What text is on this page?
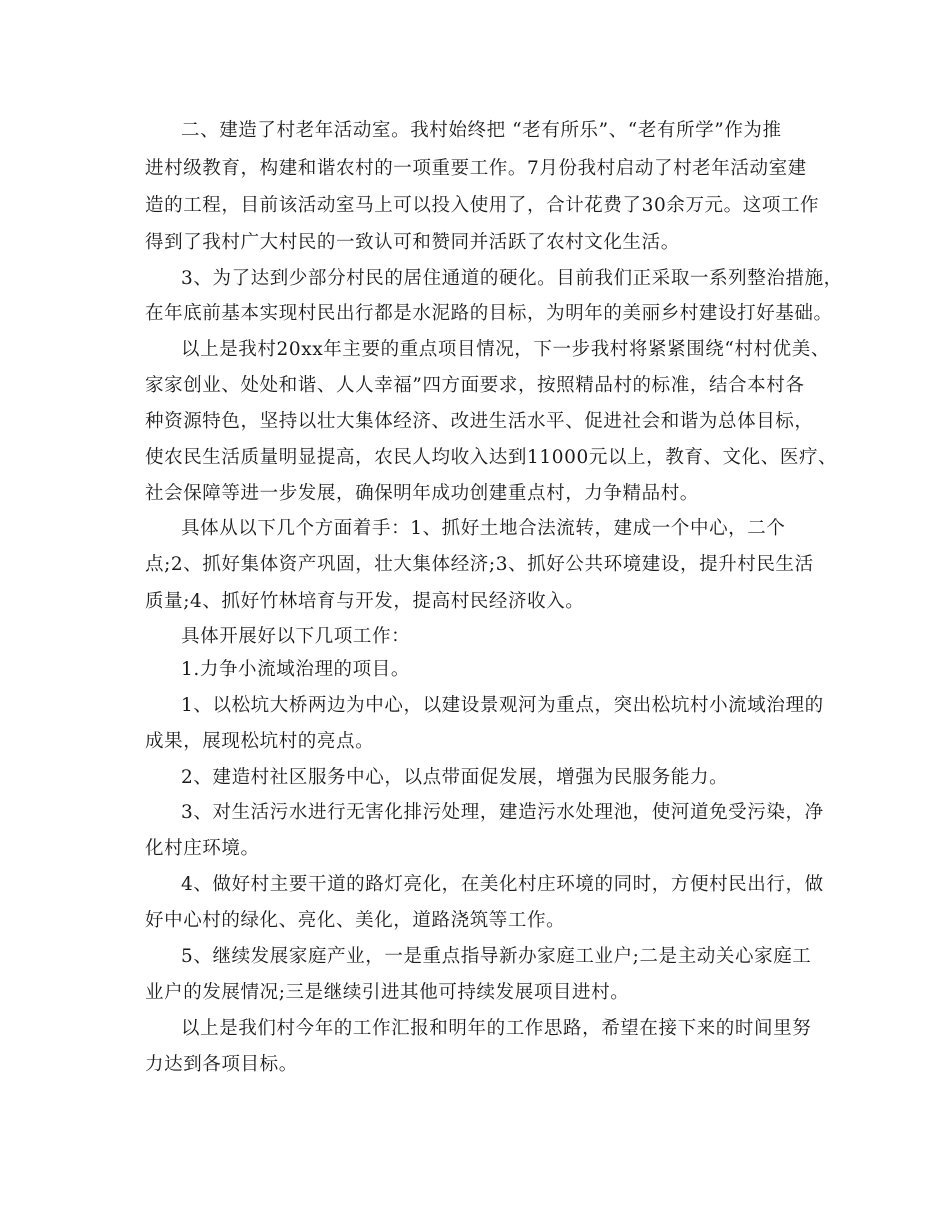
二、建造了村老年活动室。我村始终把 “老有所乐”、“老有所学”作为推
进村级教育，构建和谐农村的一项重要工作。7月份我村启动了村老年活动室建
造的工程，目前该活动室马上可以投入使用了，合计花费了30余万元。这项工作
得到了我村广大村民的一致认可和赞同并活跃了农村文化生活。
3、为了达到少部分村民的居住通道的硬化。目前我们正采取一系列整治措施，
在年底前基本实现村民出行都是水泥路的目标，为明年的美丽乡村建设打好基础。
以上是我村20xx年主要的重点项目情况，下一步我村将紧紧围绕“村村优美、
家家创业、处处和谐、人人幸福”四方面要求，按照精品村的标准，结合本村各
种资源特色，坚持以壮大集体经济、改进生活水平、促进社会和谐为总体目标，
使农民生活质量明显提高，农民人均收入达到11000元以上，教育、文化、医疗、
社会保障等进一步发展，确保明年成功创建重点村，力争精品村。
具体从以下几个方面着手：1、抓好土地合法流转，建成一个中心，二个
点;2、抓好集体资产巩固，壮大集体经济;3、抓好公共环境建设，提升村民生活
质量;4、抓好竹林培育与开发，提高村民经济收入。
具体开展好以下几项工作：
1.力争小流域治理的项目。
1、以松坑大桥两边为中心，以建设景观河为重点，突出松坑村小流域治理的
成果，展现松坑村的亮点。
2、建造村社区服务中心，以点带面促发展，增强为民服务能力。
3、对生活污水进行无害化排污处理，建造污水处理池，使河道免受污染，净
化村庄环境。
4、做好村主要干道的路灯亮化，在美化村庄环境的同时，方便村民出行，做
好中心村的绿化、亮化、美化，道路浇筑等工作。
5、继续发展家庭产业，一是重点指导新办家庭工业户;二是主动关心家庭工
业户的发展情况;三是继续引进其他可持续发展项目进村。
以上是我们村今年的工作汇报和明年的工作思路，希望在接下来的时间里努
力达到各项目标。
